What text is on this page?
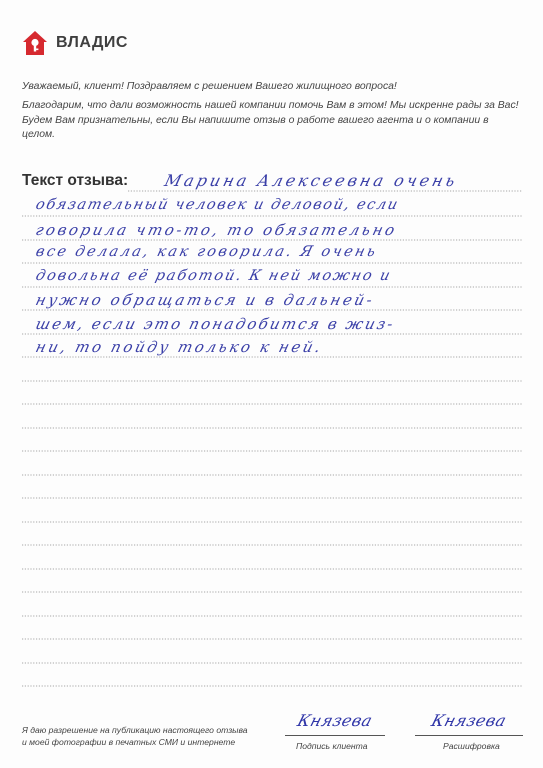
ВЛАДИС
Уважаемый, клиент! Поздравляем с решением Вашего жилищного вопроса!
Благодарим, что дали возможность нашей компании помочь Вам в этом! Мы искренне рады за Вас! Будем Вам признательны, если Вы напишите отзыв о работе вашего агента и о компании в целом.
Текст отзыва: Марина Алексеевна очень
обязательный человек и деловой, если
говорила что-то, то обязательно
все делала, как говорила. Я очень
довольна её работой. К ней можно и
нужно обращаться и в дальней-
шем, если это понадобится в жиз-
ни, то пойду только к ней.
Я даю разрешение на публикацию настоящего отзыва и моей фотографии в печатных СМИ и интернете
Князева	Князева
Подпись клиента	Расшифровка
